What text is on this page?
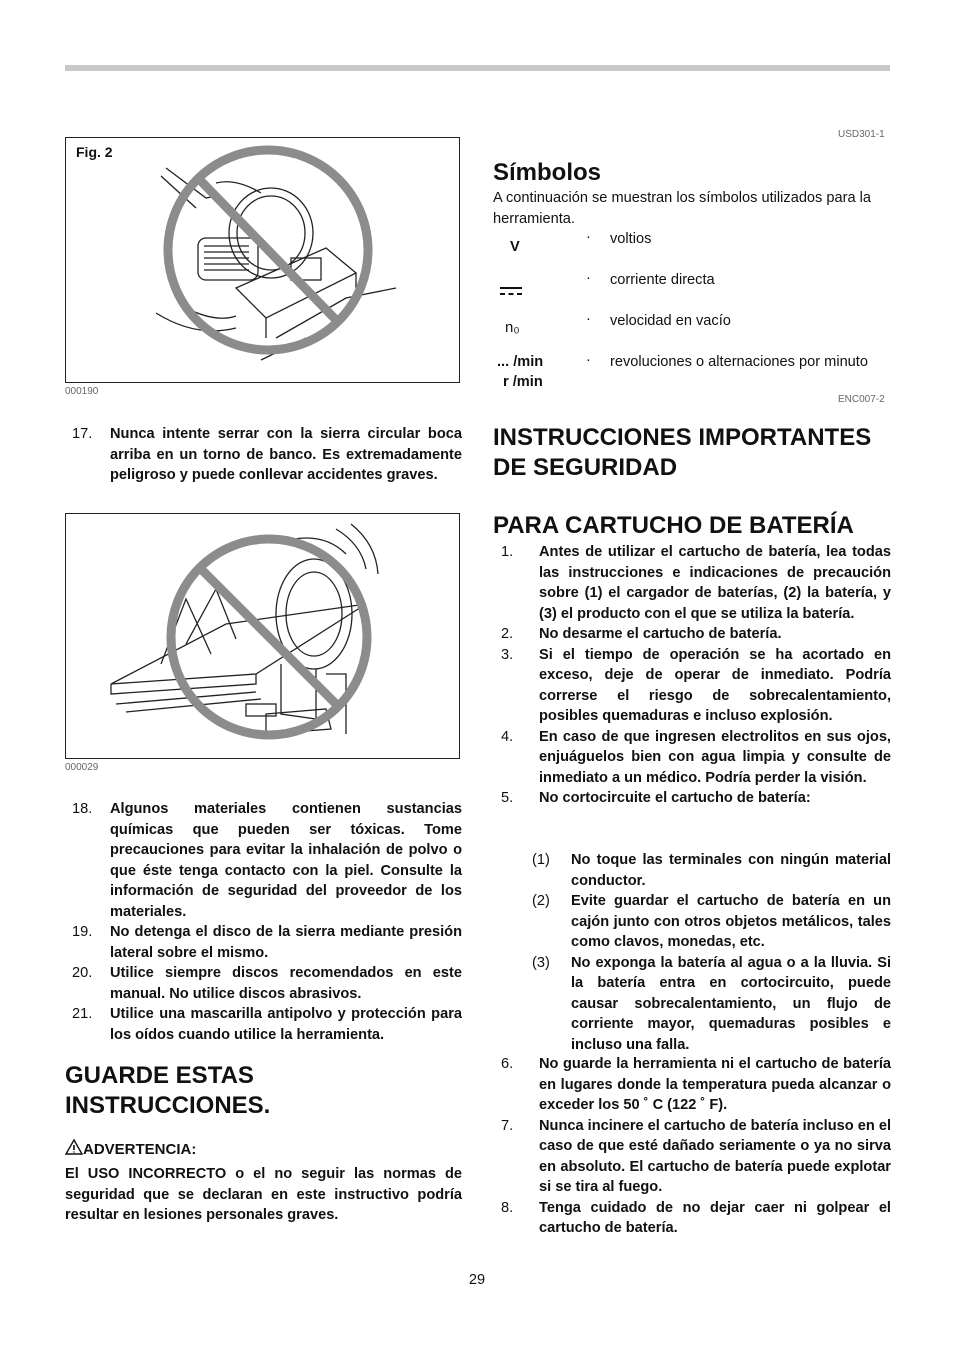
Fig. 2
000190
17. Nunca intente serrar con la sierra circular boca arriba en un torno de banco. Es extremadamente peligroso y puede conllevar accidentes graves.
000029
18. Algunos materiales contienen sustancias químicas que pueden ser tóxicas. Tome precauciones para evitar la inhalación de polvo o que éste tenga contacto con la piel. Consulte la información de seguridad del proveedor de los materiales.
19. No detenga el disco de la sierra mediante presión lateral sobre el mismo.
20. Utilice siempre discos recomendados en este manual. No utilice discos abrasivos.
21. Utilice una mascarilla antipolvo y protección para los oídos cuando utilice la herramienta.
GUARDE ESTAS
INSTRUCCIONES.
ADVERTENCIA:
El USO INCORRECTO o el no seguir las normas de seguridad que se declaran en este instructivo podría resultar en lesiones personales graves.
USD301-1
Símbolos
A continuación se muestran los símbolos utilizados para la herramienta.
V
· voltios
· corriente directa
n₀	· velocidad en vacío
... /min
r /min
· revoluciones o alternaciones por minuto
ENC007-2
INSTRUCCIONES IMPORTANTES
DE SEGURIDAD
PARA CARTUCHO DE BATERÍA
1. Antes de utilizar el cartucho de batería, lea todas las instrucciones e indicaciones de precaución sobre (1) el cargador de baterías, (2) la batería, y (3) el producto con el que se utiliza la batería.
2. No desarme el cartucho de batería.
3. Si el tiempo de operación se ha acortado en exceso, deje de operar de inmediato. Podría correrse el riesgo de sobrecalentamiento, posibles quemaduras e incluso explosión.
4. En caso de que ingresen electrolitos en sus ojos, enjuáguelos bien con agua limpia y consulte de inmediato a un médico. Podría perder la visión.
5. No cortocircuite el cartucho de batería:
(1) No toque las terminales con ningún material conductor.
(2) Evite guardar el cartucho de batería en un cajón junto con otros objetos metálicos, tales como clavos, monedas, etc.
(3) No exponga la batería al agua o a la lluvia. Si la batería entra en cortocircuito, puede causar sobrecalentamiento, un flujo de corriente mayor, quemaduras posibles e incluso una falla.
6. No guarde la herramienta ni el cartucho de batería en lugares donde la temperatura pueda alcanzar o exceder los 50 ˚ C (122 ˚ F).
7. Nunca incinere el cartucho de batería incluso en el caso de que esté dañado seriamente o ya no sirva en absoluto. El cartucho de batería puede explotar si se tira al fuego.
8. Tenga cuidado de no dejar caer ni golpear el cartucho de batería.
29
